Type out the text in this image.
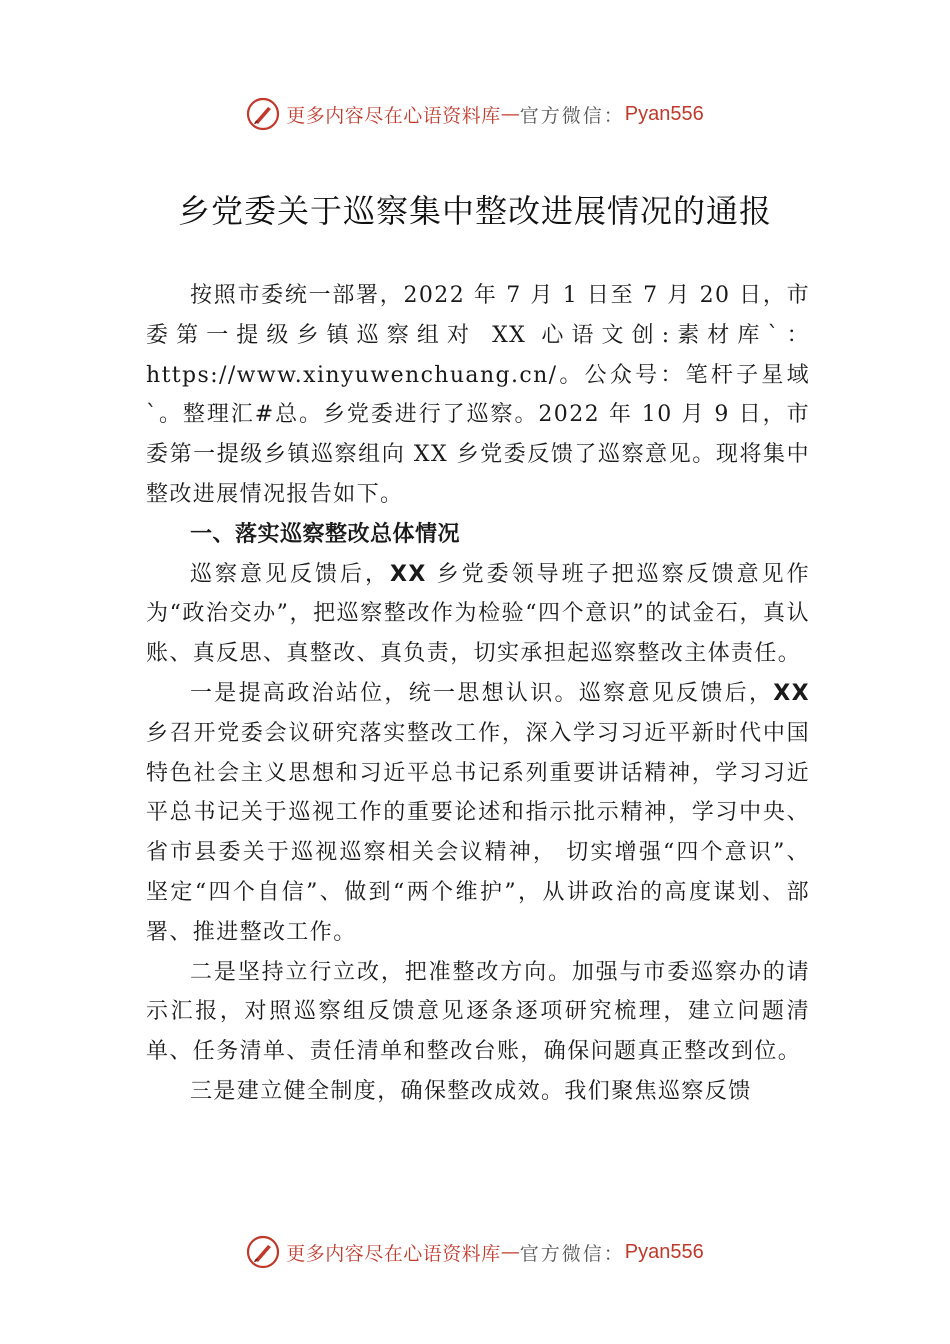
更多内容尽在心语资料库 — 官方微信： Pyan556
乡党委关于巡察集中整改进展情况的通报

按照市委统一部署，2022 年 7 月 1 日至 7 月 20 日，市委第一提级乡镇巡察组对 XX 心语文创:素材库`：https://www.xinyuwenchuang.cn/。公众号：笔杆子星域`。整理汇#总。乡党委进行了巡察。2022 年 10 月 9 日，市委第一提级乡镇巡察组向 XX 乡党委反馈了巡察意见。现将集中整改进展情况报告如下。

一、落实巡察整改总体情况

巡察意见反馈后，XX 乡党委领导班子把巡察反馈意见作为“政治交办”，把巡察整改作为检验“四个意识”的试金石，真认账、真反思、真整改、真负责，切实承担起巡察整改主体责任。

一是提高政治站位，统一思想认识。巡察意见反馈后，XX 乡召开党委会议研究落实整改工作，深入学习习近平新时代中国特色社会主义思想和习近平总书记系列重要讲话精神，学习习近平总书记关于巡视工作的重要论述和指示批示精神，学习中央、省市县委关于巡视巡察相关会议精神， 切实增强“四个意识”、坚定“四个自信”、做到“两个维护”，从讲政治的高度谋划、部署、推进整改工作。

二是坚持立行立改，把准整改方向。加强与市委巡察办的请示汇报，对照巡察组反馈意见逐条逐项研究梳理，建立问题清单、任务清单、责任清单和整改台账，确保问题真正整改到位。

三是建立健全制度，确保整改成效。我们聚焦巡察反馈

更多内容尽在心语资料库 — 官方微信： Pyan556
